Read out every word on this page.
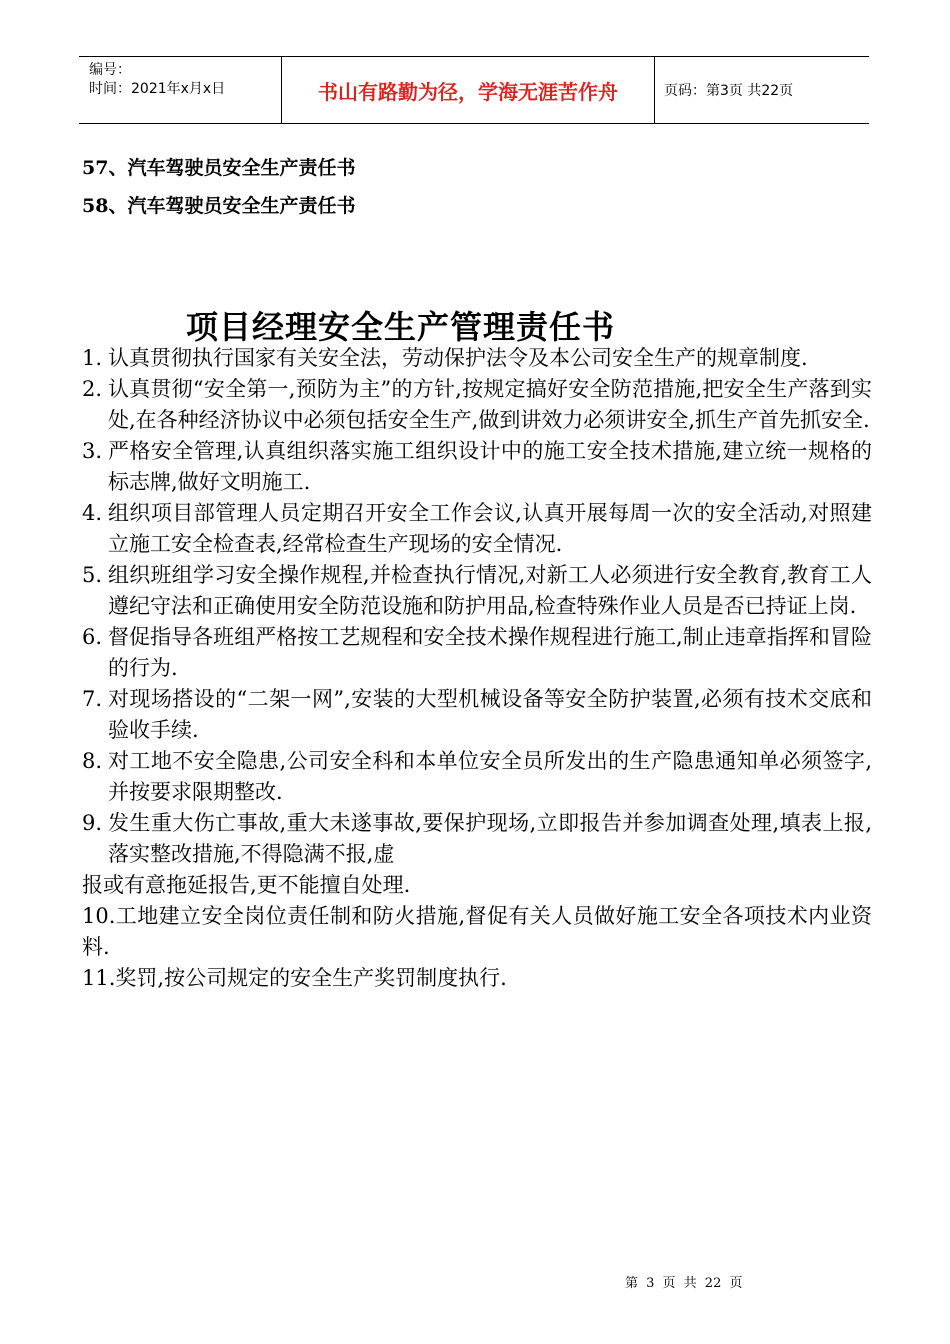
编号：
时间：2021年x月x日	书山有路勤为径，学海无涯苦作舟	页码：第3页 共22页
57、汽车驾驶员安全生产责任书
58、汽车驾驶员安全生产责任书
项目经理安全生产管理责任书
1. 认真贯彻执行国家有关安全法，劳动保护法令及本公司安全生产的规章制度.
2. 认真贯彻“安全第一,预防为主”的方针,按规定搞好安全防范措施,把安全生产落到实处,在各种经济协议中必须包括安全生产,做到讲效力必须讲安全,抓生产首先抓安全.
3. 严格安全管理,认真组织落实施工组织设计中的施工安全技术措施,建立统一规格的标志牌,做好文明施工.
4. 组织项目部管理人员定期召开安全工作会议,认真开展每周一次的安全活动,对照建立施工安全检查表,经常检查生产现场的安全情况.
5. 组织班组学习安全操作规程,并检查执行情况,对新工人必须进行安全教育,教育工人遵纪守法和正确使用安全防范设施和防护用品,检查特殊作业人员是否已持证上岗.
6. 督促指导各班组严格按工艺规程和安全技术操作规程进行施工,制止违章指挥和冒险的行为.
7. 对现场搭设的“二架一网”,安装的大型机械设备等安全防护装置,必须有技术交底和验收手续.
8. 对工地不安全隐患,公司安全科和本单位安全员所发出的生产隐患通知单必须签字,并按要求限期整改.
9. 发生重大伤亡事故,重大未遂事故,要保护现场,立即报告并参加调查处理,填表上报,落实整改措施,不得隐满不报,虚
报或有意拖延报告,更不能擅自处理.
10.工地建立安全岗位责任制和防火措施,督促有关人员做好施工安全各项技术内业资料.
11.奖罚,按公司规定的安全生产奖罚制度执行.
第 3 页 共 22 页
